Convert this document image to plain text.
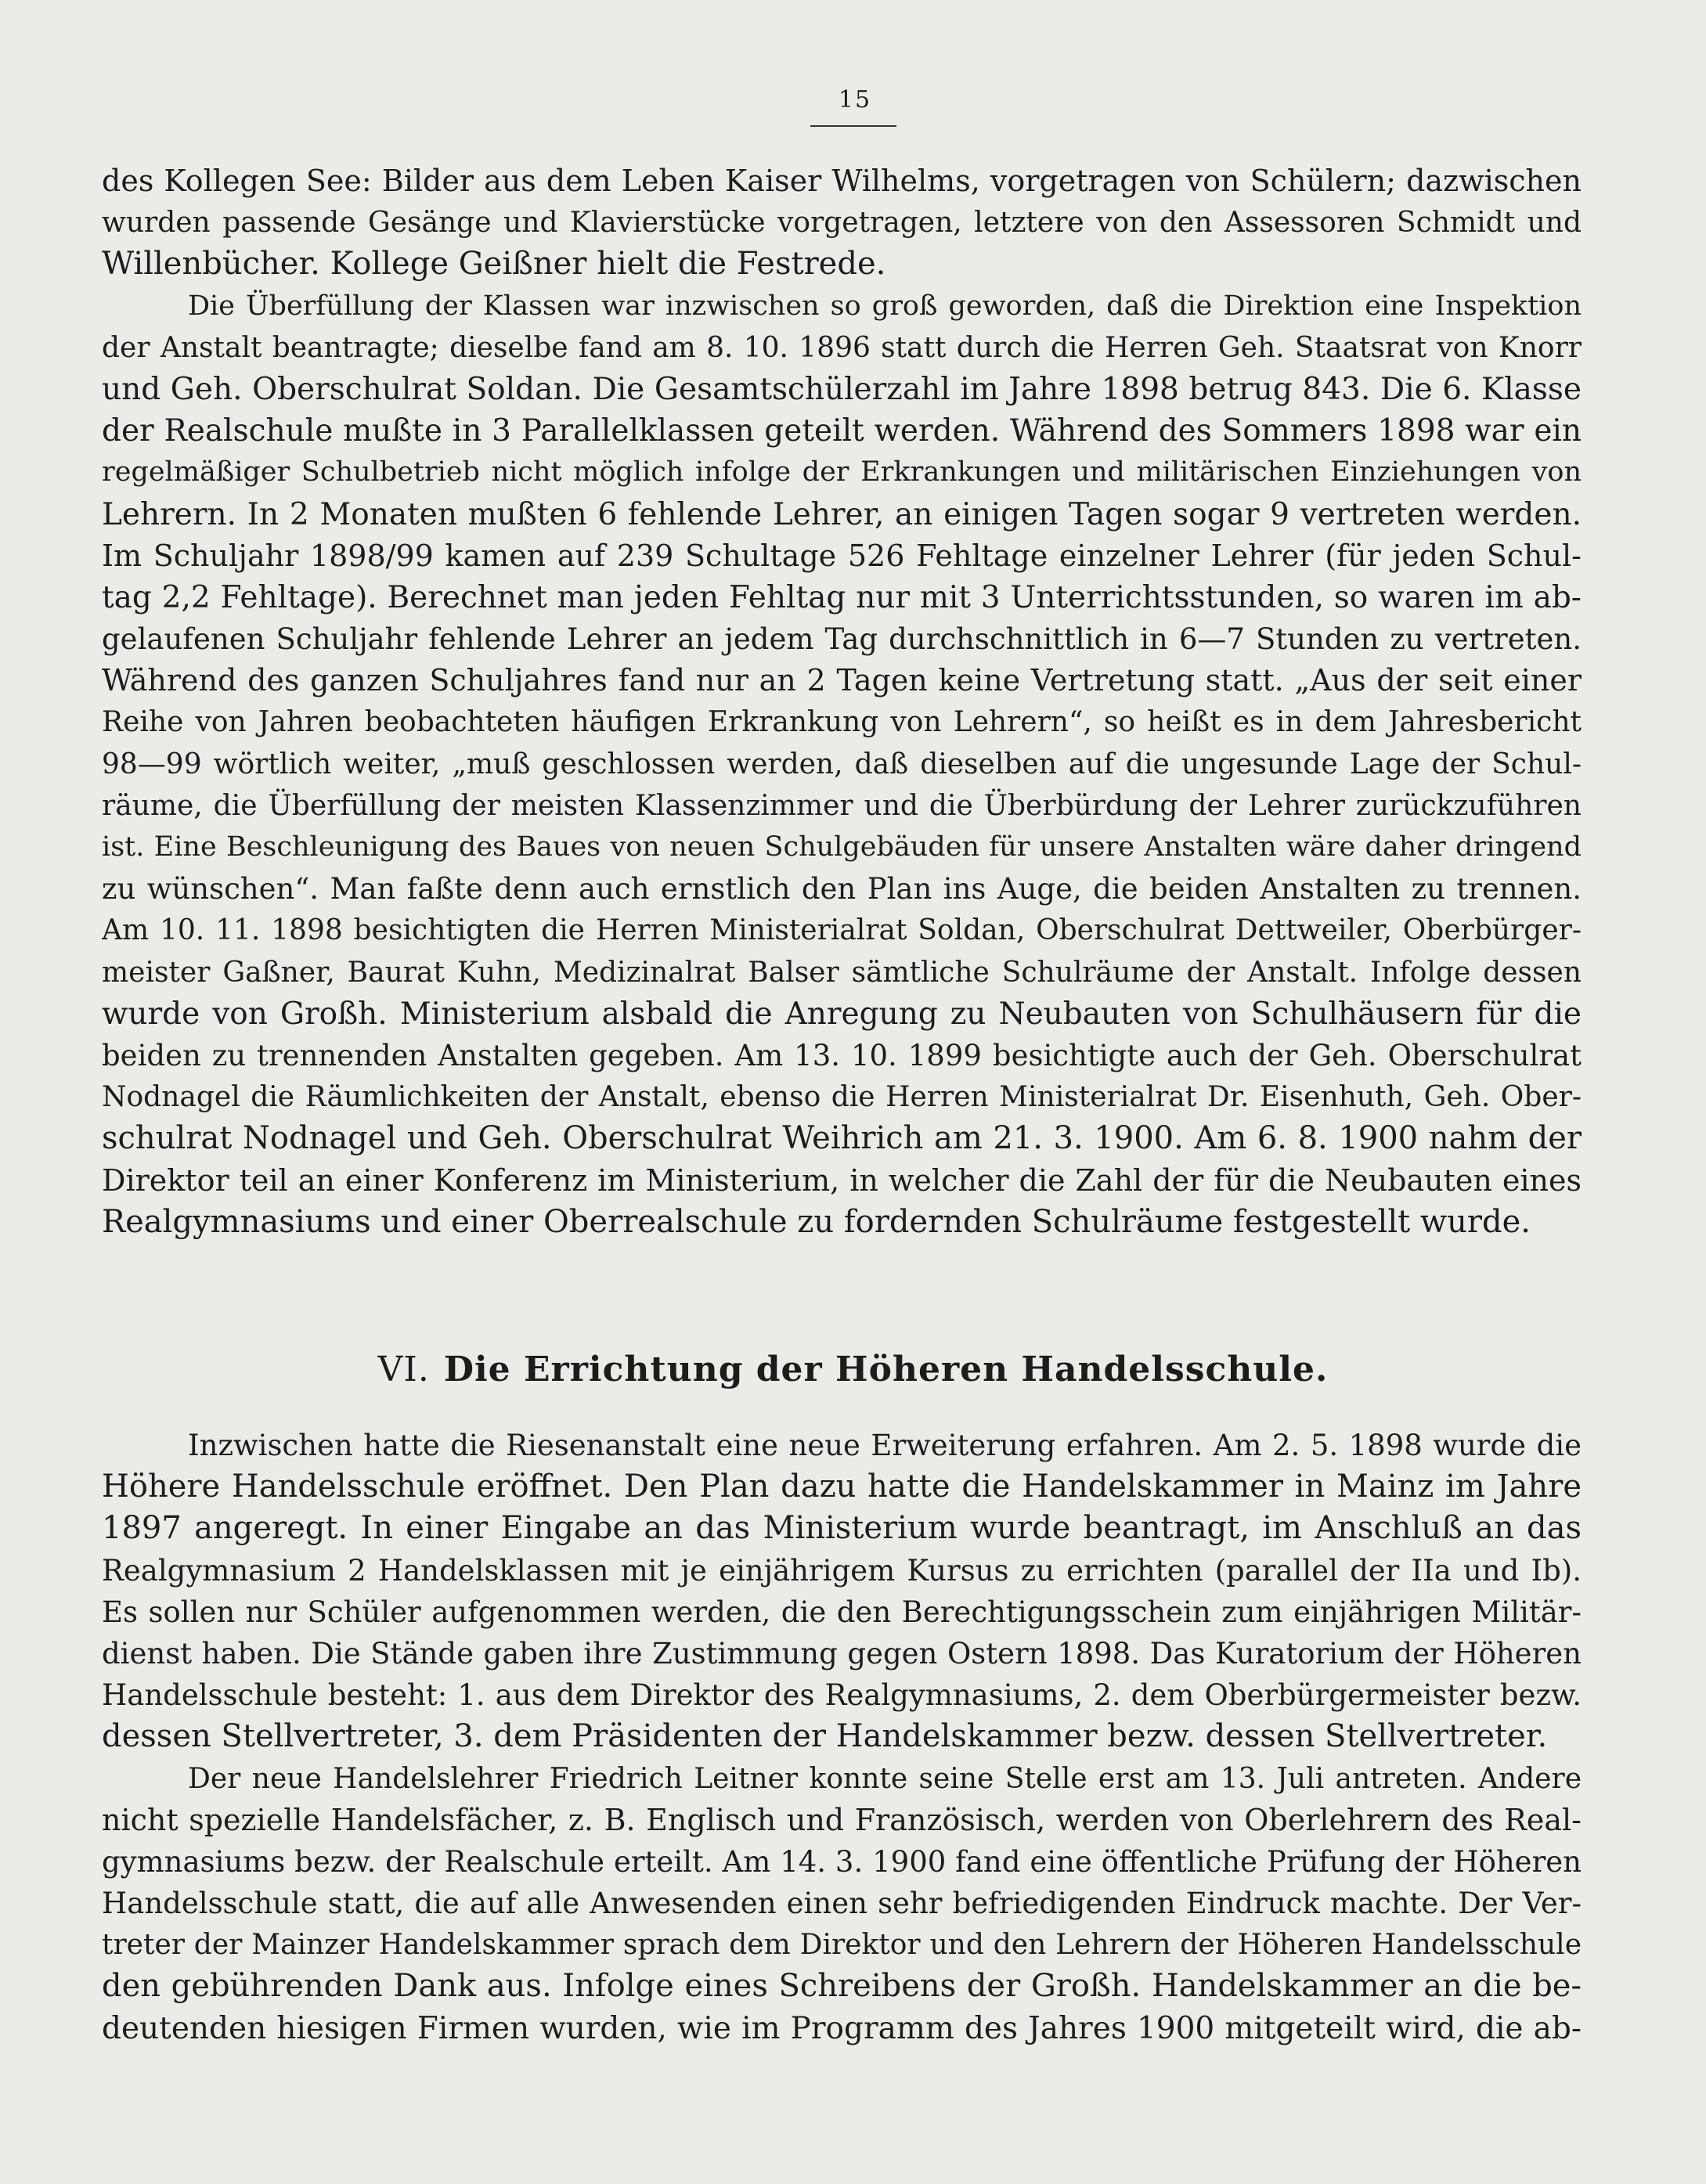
15
des Kollegen See: Bilder aus dem Leben Kaiser Wilhelms, vorgetragen von Schülern; dazwischen
wurden passende Gesänge und Klavierstücke vorgetragen, letztere von den Assessoren Schmidt und
Willenbücher. Kollege Geißner hielt die Festrede.
Die Überfüllung der Klassen war inzwischen so groß geworden, daß die Direktion eine Inspektion
der Anstalt beantragte; dieselbe fand am 8. 10. 1896 statt durch die Herren Geh. Staatsrat von Knorr
und Geh. Oberschulrat Soldan. Die Gesamtschülerzahl im Jahre 1898 betrug 843. Die 6. Klasse
der Realschule mußte in 3 Parallelklassen geteilt werden. Während des Sommers 1898 war ein
regelmäßiger Schulbetrieb nicht möglich infolge der Erkrankungen und militärischen Einziehungen von
Lehrern. In 2 Monaten mußten 6 fehlende Lehrer, an einigen Tagen sogar 9 vertreten werden.
Im Schuljahr 1898/99 kamen auf 239 Schultage 526 Fehltage einzelner Lehrer (für jeden Schul-
tag 2,2 Fehltage). Berechnet man jeden Fehltag nur mit 3 Unterrichtsstunden, so waren im ab-
gelaufenen Schuljahr fehlende Lehrer an jedem Tag durchschnittlich in 6—7 Stunden zu vertreten.
Während des ganzen Schuljahres fand nur an 2 Tagen keine Vertretung statt. „Aus der seit einer
Reihe von Jahren beobachteten häufigen Erkrankung von Lehrern“, so heißt es in dem Jahresbericht
98—99 wörtlich weiter, „muß geschlossen werden, daß dieselben auf die ungesunde Lage der Schul-
räume, die Überfüllung der meisten Klassenzimmer und die Überbürdung der Lehrer zurückzuführen
ist. Eine Beschleunigung des Baues von neuen Schulgebäuden für unsere Anstalten wäre daher dringend
zu wünschen“. Man faßte denn auch ernstlich den Plan ins Auge, die beiden Anstalten zu trennen.
Am 10. 11. 1898 besichtigten die Herren Ministerialrat Soldan, Oberschulrat Dettweiler, Oberbürger-
meister Gaßner, Baurat Kuhn, Medizinalrat Balser sämtliche Schulräume der Anstalt. Infolge dessen
wurde von Großh. Ministerium alsbald die Anregung zu Neubauten von Schulhäusern für die
beiden zu trennenden Anstalten gegeben. Am 13. 10. 1899 besichtigte auch der Geh. Oberschulrat
Nodnagel die Räumlichkeiten der Anstalt, ebenso die Herren Ministerialrat Dr. Eisenhuth, Geh. Ober-
schulrat Nodnagel und Geh. Oberschulrat Weihrich am 21. 3. 1900. Am 6. 8. 1900 nahm der
Direktor teil an einer Konferenz im Ministerium, in welcher die Zahl der für die Neubauten eines
Realgymnasiums und einer Oberrealschule zu fordernden Schulräume festgestellt wurde.
VI. Die Errichtung der Höheren Handelsschule.
Inzwischen hatte die Riesenanstalt eine neue Erweiterung erfahren. Am 2. 5. 1898 wurde die
Höhere Handelsschule eröffnet. Den Plan dazu hatte die Handelskammer in Mainz im Jahre
1897 angeregt. In einer Eingabe an das Ministerium wurde beantragt, im Anschluß an das
Realgymnasium 2 Handelsklassen mit je einjährigem Kursus zu errichten (parallel der IIa und Ib).
Es sollen nur Schüler aufgenommen werden, die den Berechtigungsschein zum einjährigen Militär-
dienst haben. Die Stände gaben ihre Zustimmung gegen Ostern 1898. Das Kuratorium der Höheren
Handelsschule besteht: 1. aus dem Direktor des Realgymnasiums, 2. dem Oberbürgermeister bezw.
dessen Stellvertreter, 3. dem Präsidenten der Handelskammer bezw. dessen Stellvertreter.
Der neue Handelslehrer Friedrich Leitner konnte seine Stelle erst am 13. Juli antreten. Andere
nicht spezielle Handelsfächer, z. B. Englisch und Französisch, werden von Oberlehrern des Real-
gymnasiums bezw. der Realschule erteilt. Am 14. 3. 1900 fand eine öffentliche Prüfung der Höheren
Handelsschule statt, die auf alle Anwesenden einen sehr befriedigenden Eindruck machte. Der Ver-
treter der Mainzer Handelskammer sprach dem Direktor und den Lehrern der Höheren Handelsschule
den gebührenden Dank aus. Infolge eines Schreibens der Großh. Handelskammer an die be-
deutenden hiesigen Firmen wurden, wie im Programm des Jahres 1900 mitgeteilt wird, die ab-
